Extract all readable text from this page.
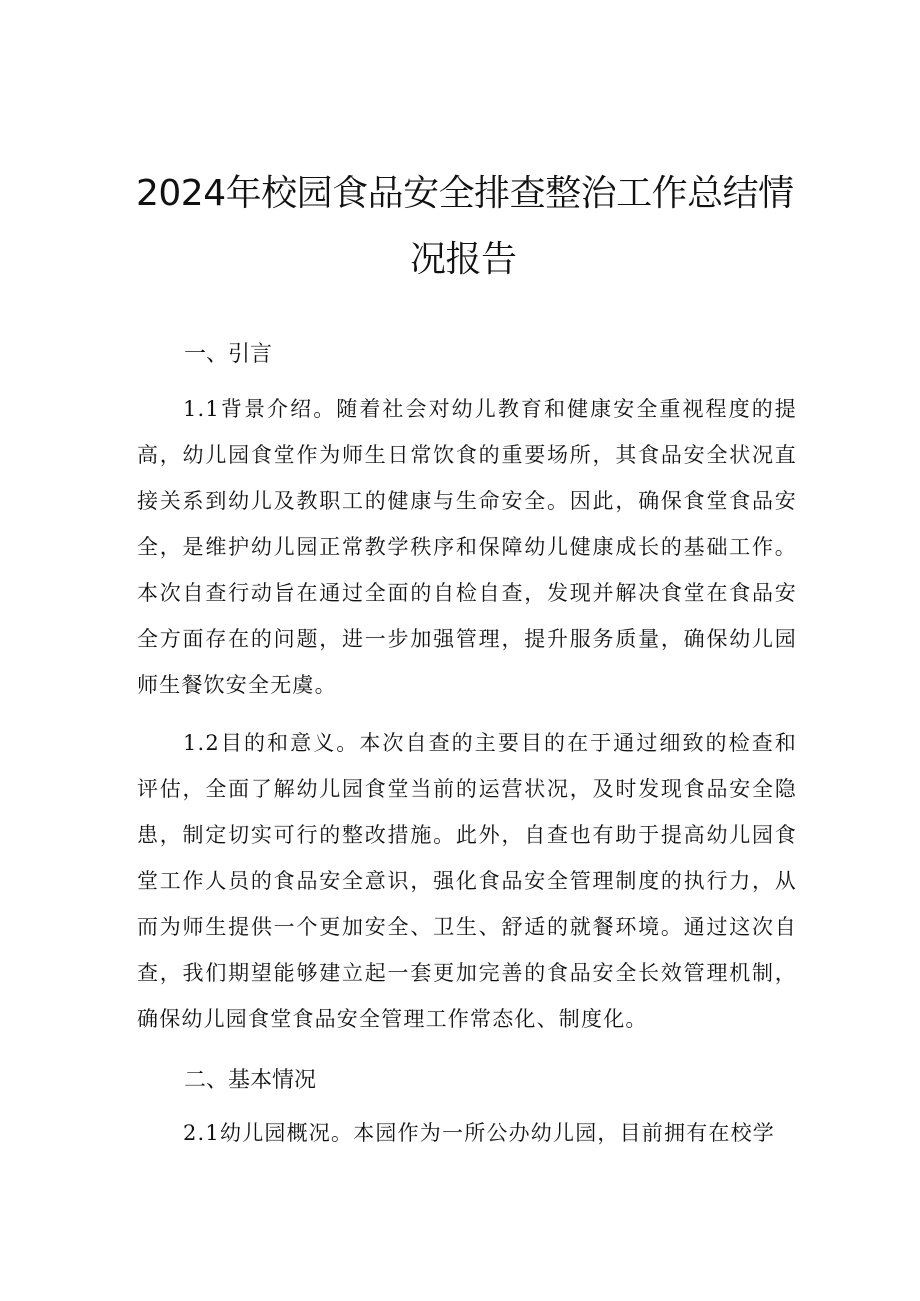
2024年校园食品安全排查整治工作总结情
况报告
一、引言
1.1背景介绍。随着社会对幼儿教育和健康安全重视程度的提高，幼儿园食堂作为师生日常饮食的重要场所，其食品安全状况直接关系到幼儿及教职工的健康与生命安全。因此，确保食堂食品安全，是维护幼儿园正常教学秩序和保障幼儿健康成长的基础工作。本次自查行动旨在通过全面的自检自查，发现并解决食堂在食品安全方面存在的问题，进一步加强管理，提升服务质量，确保幼儿园师生餐饮安全无虞。
1.2目的和意义。本次自查的主要目的在于通过细致的检查和评估，全面了解幼儿园食堂当前的运营状况，及时发现食品安全隐患，制定切实可行的整改措施。此外，自查也有助于提高幼儿园食堂工作人员的食品安全意识，强化食品安全管理制度的执行力，从而为师生提供一个更加安全、卫生、舒适的就餐环境。通过这次自查，我们期望能够建立起一套更加完善的食品安全长效管理机制，确保幼儿园食堂食品安全管理工作常态化、制度化。
二、基本情况
2.1幼儿园概况。本园作为一所公办幼儿园，目前拥有在校学
